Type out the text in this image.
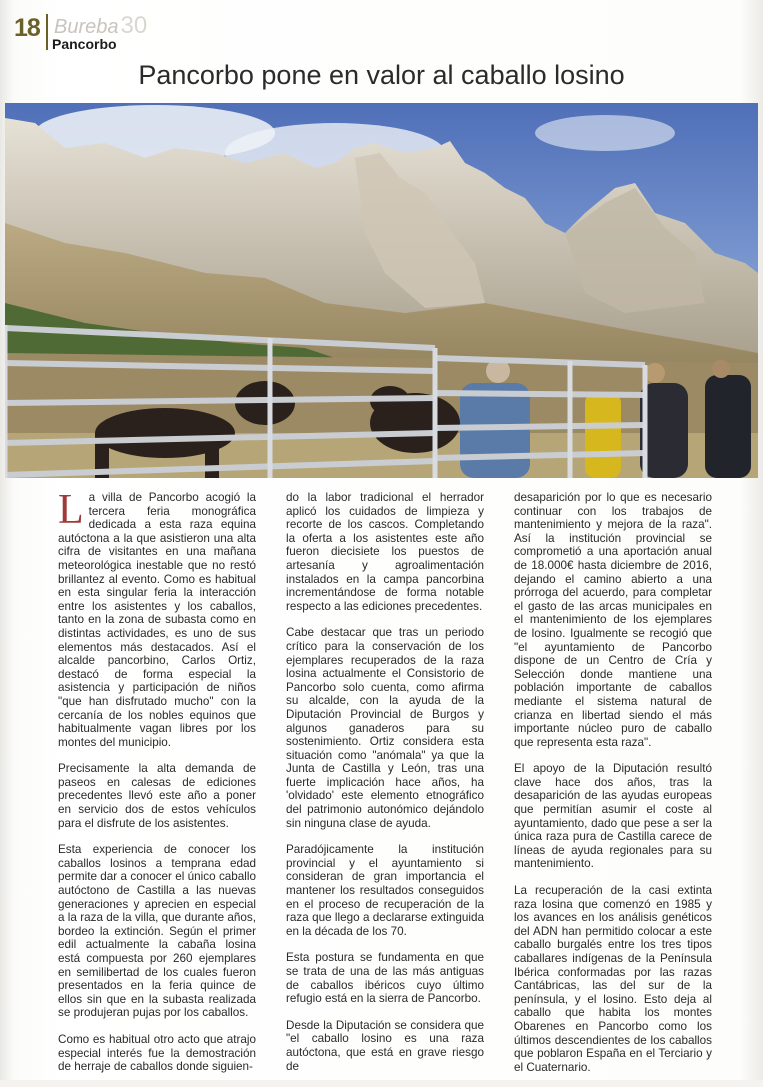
18 Bureba30
Pancorbo
Pancorbo pone en valor al caballo losino

La villa de Pancorbo acogió la tercera feria monográfica dedicada a esta raza equina autóctona a la que asistieron una alta cifra de visitantes en una mañana meteorológica inestable que no restó brillantez al evento. Como es habitual en esta singular feria la interacción entre los asistentes y los caballos, tanto en la zona de subasta como en distintas actividades, es uno de sus elementos más destacados. Así el alcalde pancorbino, Carlos Ortiz, destacó de forma especial la asistencia y participación de niños "que han disfrutado mucho" con la cercanía de los nobles equinos que habitualmente vagan libres por los montes del municipio.

Precisamente la alta demanda de paseos en calesas de ediciones precedentes llevó este año a poner en servicio dos de estos vehículos para el disfrute de los asistentes.

Esta experiencia de conocer los caballos losinos a temprana edad permite dar a conocer el único caballo autóctono de Castilla a las nuevas generaciones y aprecien en especial a la raza de la villa, que durante años, bordeo la extinción. Según el primer edil actualmente la cabaña losina está compuesta por 260 ejemplares en semilibertad de los cuales fueron presentados en la feria quince de ellos sin que en la subasta realizada se produjeran pujas por los caballos.

Como es habitual otro acto que atrajo especial interés fue la demostración de herraje de caballos donde siguien-

do la labor tradicional el herrador aplicó los cuidados de limpieza y recorte de los cascos. Completando la oferta a los asistentes este año fueron diecisiete los puestos de artesanía y agroalimentación instalados en la campa pancorbina incrementándose de forma notable respecto a las ediciones precedentes.

Cabe destacar que tras un periodo crítico para la conservación de los ejemplares recuperados de la raza losina actualmente el Consistorio de Pancorbo solo cuenta, como afirma su alcalde, con la ayuda de la Diputación Provincial de Burgos y algunos ganaderos para su sostenimiento. Ortiz considera esta situación como "anómala" ya que la Junta de Castilla y León, tras una fuerte implicación hace años, ha 'olvidado' este elemento etnográfico del patrimonio autonómico dejándolo sin ninguna clase de ayuda.

Paradójicamente la institución provincial y el ayuntamiento si consideran de gran importancia el mantener los resultados conseguidos en el proceso de recuperación de la raza que llego a declararse extinguida en la década de los 70.

Esta postura se fundamenta en que se trata de una de las más antiguas de caballos ibéricos cuyo último refugio está en la sierra de Pancorbo.

Desde la Diputación se considera que "el caballo losino es una raza autóctona, que está en grave riesgo de

desaparición por lo que es necesario continuar con los trabajos de mantenimiento y mejora de la raza". Así la institución provincial se comprometió a una aportación anual de 18.000€ hasta diciembre de 2016, dejando el camino abierto a una prórroga del acuerdo, para completar el gasto de las arcas municipales en el mantenimiento de los ejemplares de losino. Igualmente se recogió que "el ayuntamiento de Pancorbo dispone de un Centro de Cría y Selección donde mantiene una población importante de caballos mediante el sistema natural de crianza en libertad siendo el más importante núcleo puro de caballo que representa esta raza".

El apoyo de la Diputación resultó clave hace dos años, tras la desaparición de las ayudas europeas que permitían asumir el coste al ayuntamiento, dado que pese a ser la única raza pura de Castilla carece de líneas de ayuda regionales para su mantenimiento.

La recuperación de la casi extinta raza losina que comenzó en 1985 y los avances en los análisis genéticos del ADN han permitido colocar a este caballo burgalés entre los tres tipos caballares indígenas de la Península Ibérica conformadas por las razas Cantábricas, las del sur de la península, y el losino. Esto deja al caballo que habita los montes Obarenes en Pancorbo como los últimos descendientes de los caballos que poblaron España en el Terciario y el Cuaternario.
